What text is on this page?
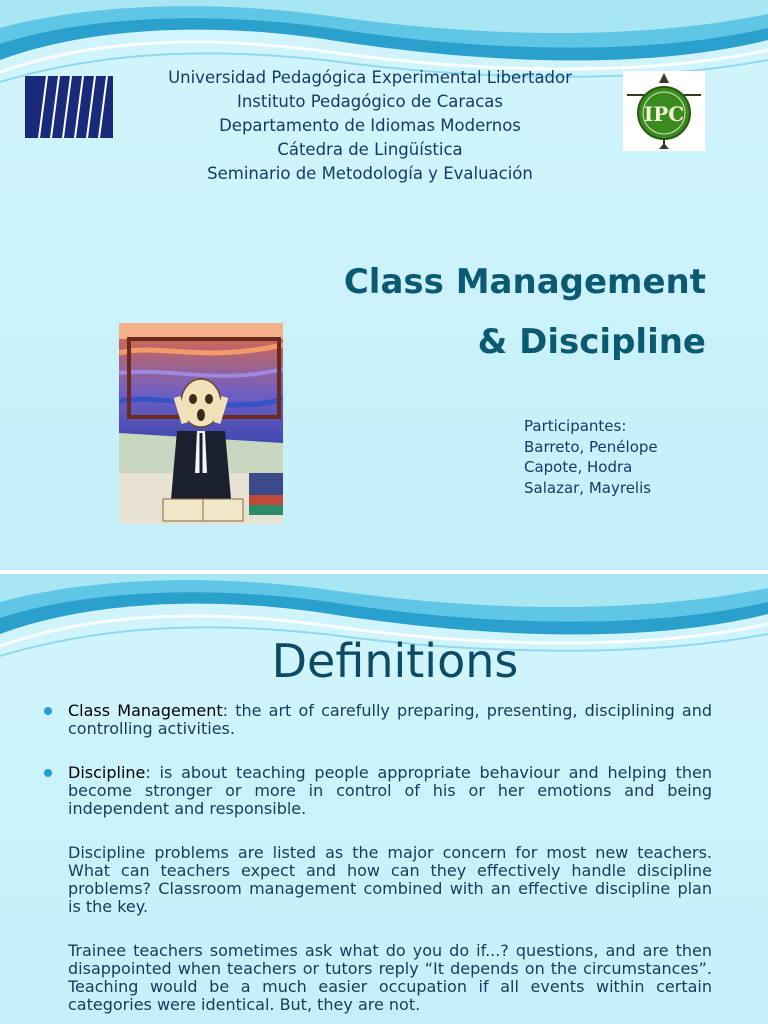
Universidad Pedagógica Experimental Libertador
Instituto Pedagógico de Caracas
Departamento de Idiomas Modernos
Cátedra de Lingüística
Seminario de Metodología y Evaluación
IPC
Class Management
& Discipline
Participantes:
Barreto, Penélope
Capote, Hodra
Salazar, Mayrelis
Definitions
Class Management: the art of carefully preparing, presenting, disciplining and controlling activities.
Discipline: is about teaching people appropriate behaviour and helping then become stronger or more in control of his or her emotions and being independent and responsible.
Discipline problems are listed as the major concern for most new teachers. What can teachers expect and how can they effectively handle discipline problems? Classroom management combined with an effective discipline plan is the key.
Trainee teachers sometimes ask what do you do if...? questions, and are then disappointed when teachers or tutors reply “It depends on the circumstances”. Teaching would be a much easier occupation if all events within certain categories were identical. But, they are not.
